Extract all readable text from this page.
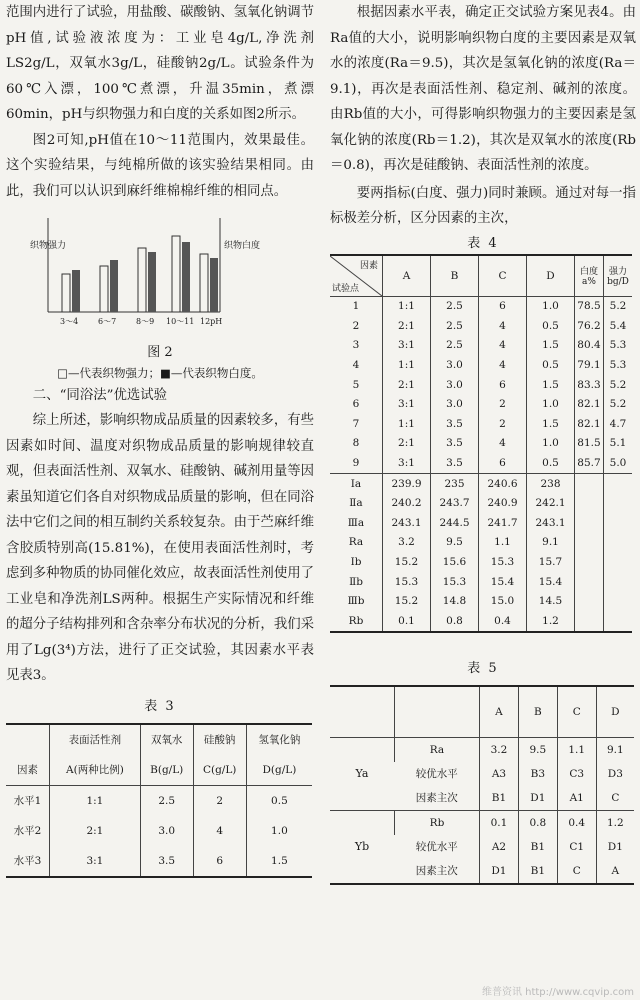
范围内进行了试验，用盐酸、碳酸钠、氢氧化钠调节pH值,试验液浓度为：工业皂4g/L,净洗剂LS2g/L，双氧水3g/L，硅酸钠2g/L。试验条件为60℃入漂，100℃煮漂，升温35min，煮漂60min，pH与织物强力和白度的关系如图2所示。

图2可知,pH值在10～11范围内，效果最佳。这个实验结果，与纯棉所做的该实验结果相同。由此，我们可以认识到麻纤维棉棉纤维的相同点。

织物强力	织物白度
3～4 6～7 8～9 10～11 12pH
图 2
□—代表织物强力；■—代表织物白度。
二、“同浴法”优选试验

综上所述，影响织物成品质量的因素较多，有些因素如时间、温度对织物成品质量的影响规律较直观，但表面活性剂、双氧水、硅酸钠、碱剂用量等因素虽知道它们各自对织物成品质量的影响，但在同浴法中它们之间的相互制约关系较复杂。由于苎麻纤维含胶质特别高(15.81%)，在使用表面活性剂时，考虑到多种物质的协同催化效应，故表面活性剂使用了工业皂和净洗剂LS两种。根据生产实际情况和纤维的超分子结构排列和含杂率分布状况的分析，我们采用了Lg(3⁴)方法，进行了正交试验，其因素水平表见表3。

表 3
	表面活性剂	双氧水	硅酸钠	氢氧化钠
因素	A(两种比例)	B(g/L)	C(g/L)	D(g/L)
水平1	1:1	2.5	2	0.5
水平2	2:1	3.0	4	1.0
水平3	3:1	3.5	6	1.5

根据因素水平表，确定正交试验方案见表4。由Ra值的大小，说明影响织物白度的主要因素是双氧水的浓度(Ra＝9.5)，其次是氢氧化钠的浓度(Ra＝9.1)，再次是表面活性剂、稳定剂、碱剂的浓度。由Rb值的大小，可得影响织物强力的主要因素是氢氧化钠的浓度(Rb＝1.2)，其次是双氧水的浓度(Rb＝0.8)，再次是硅酸钠、表面活性剂的浓度。

要两指标(白度、强力)同时兼顾。通过对每一指标极差分析，区分因素的主次，

表 4
因素
试验点	A	B	C	D	白度a%	强力bg/D
1	1:1	2.5	6	1.0	78.5	5.2
2	2:1	2.5	4	0.5	76.2	5.4
3	3:1	2.5	4	1.5	80.4	5.3
4	1:1	3.0	4	0.5	79.1	5.3
5	2:1	3.0	6	1.5	83.3	5.2
6	3:1	3.0	2	1.0	82.1	5.2
7	1:1	3.5	2	1.5	82.1	4.7
8	2:1	3.5	4	1.0	81.5	5.1
9	3:1	3.5	6	0.5	85.7	5.0
Ⅰa	239.9	235	240.6	238		
Ⅱa	240.2	243.7	240.9	242.1		
Ⅲa	243.1	244.5	241.7	243.1		
Ra	3.2	9.5	1.1	9.1		
Ⅰb	15.2	15.6	15.3	15.7		
Ⅱb	15.3	15.3	15.4	15.4		
Ⅲb	15.2	14.8	15.0	14.5		
Rb	0.1	0.8	0.4	1.2		
表 5
		A	B	C	D
Ya	Ra	3.2	9.5	1.1	9.1
	较优水平	A3	B3	C3	D3
	因素主次	B1	D1	A1	C
Yb	Rb	0.1	0.8	0.4	1.2
	较优水平	A2	B1	C1	D1
	因素主次	D1	B1	C	A
维普资讯 http://www.cqvip.com
